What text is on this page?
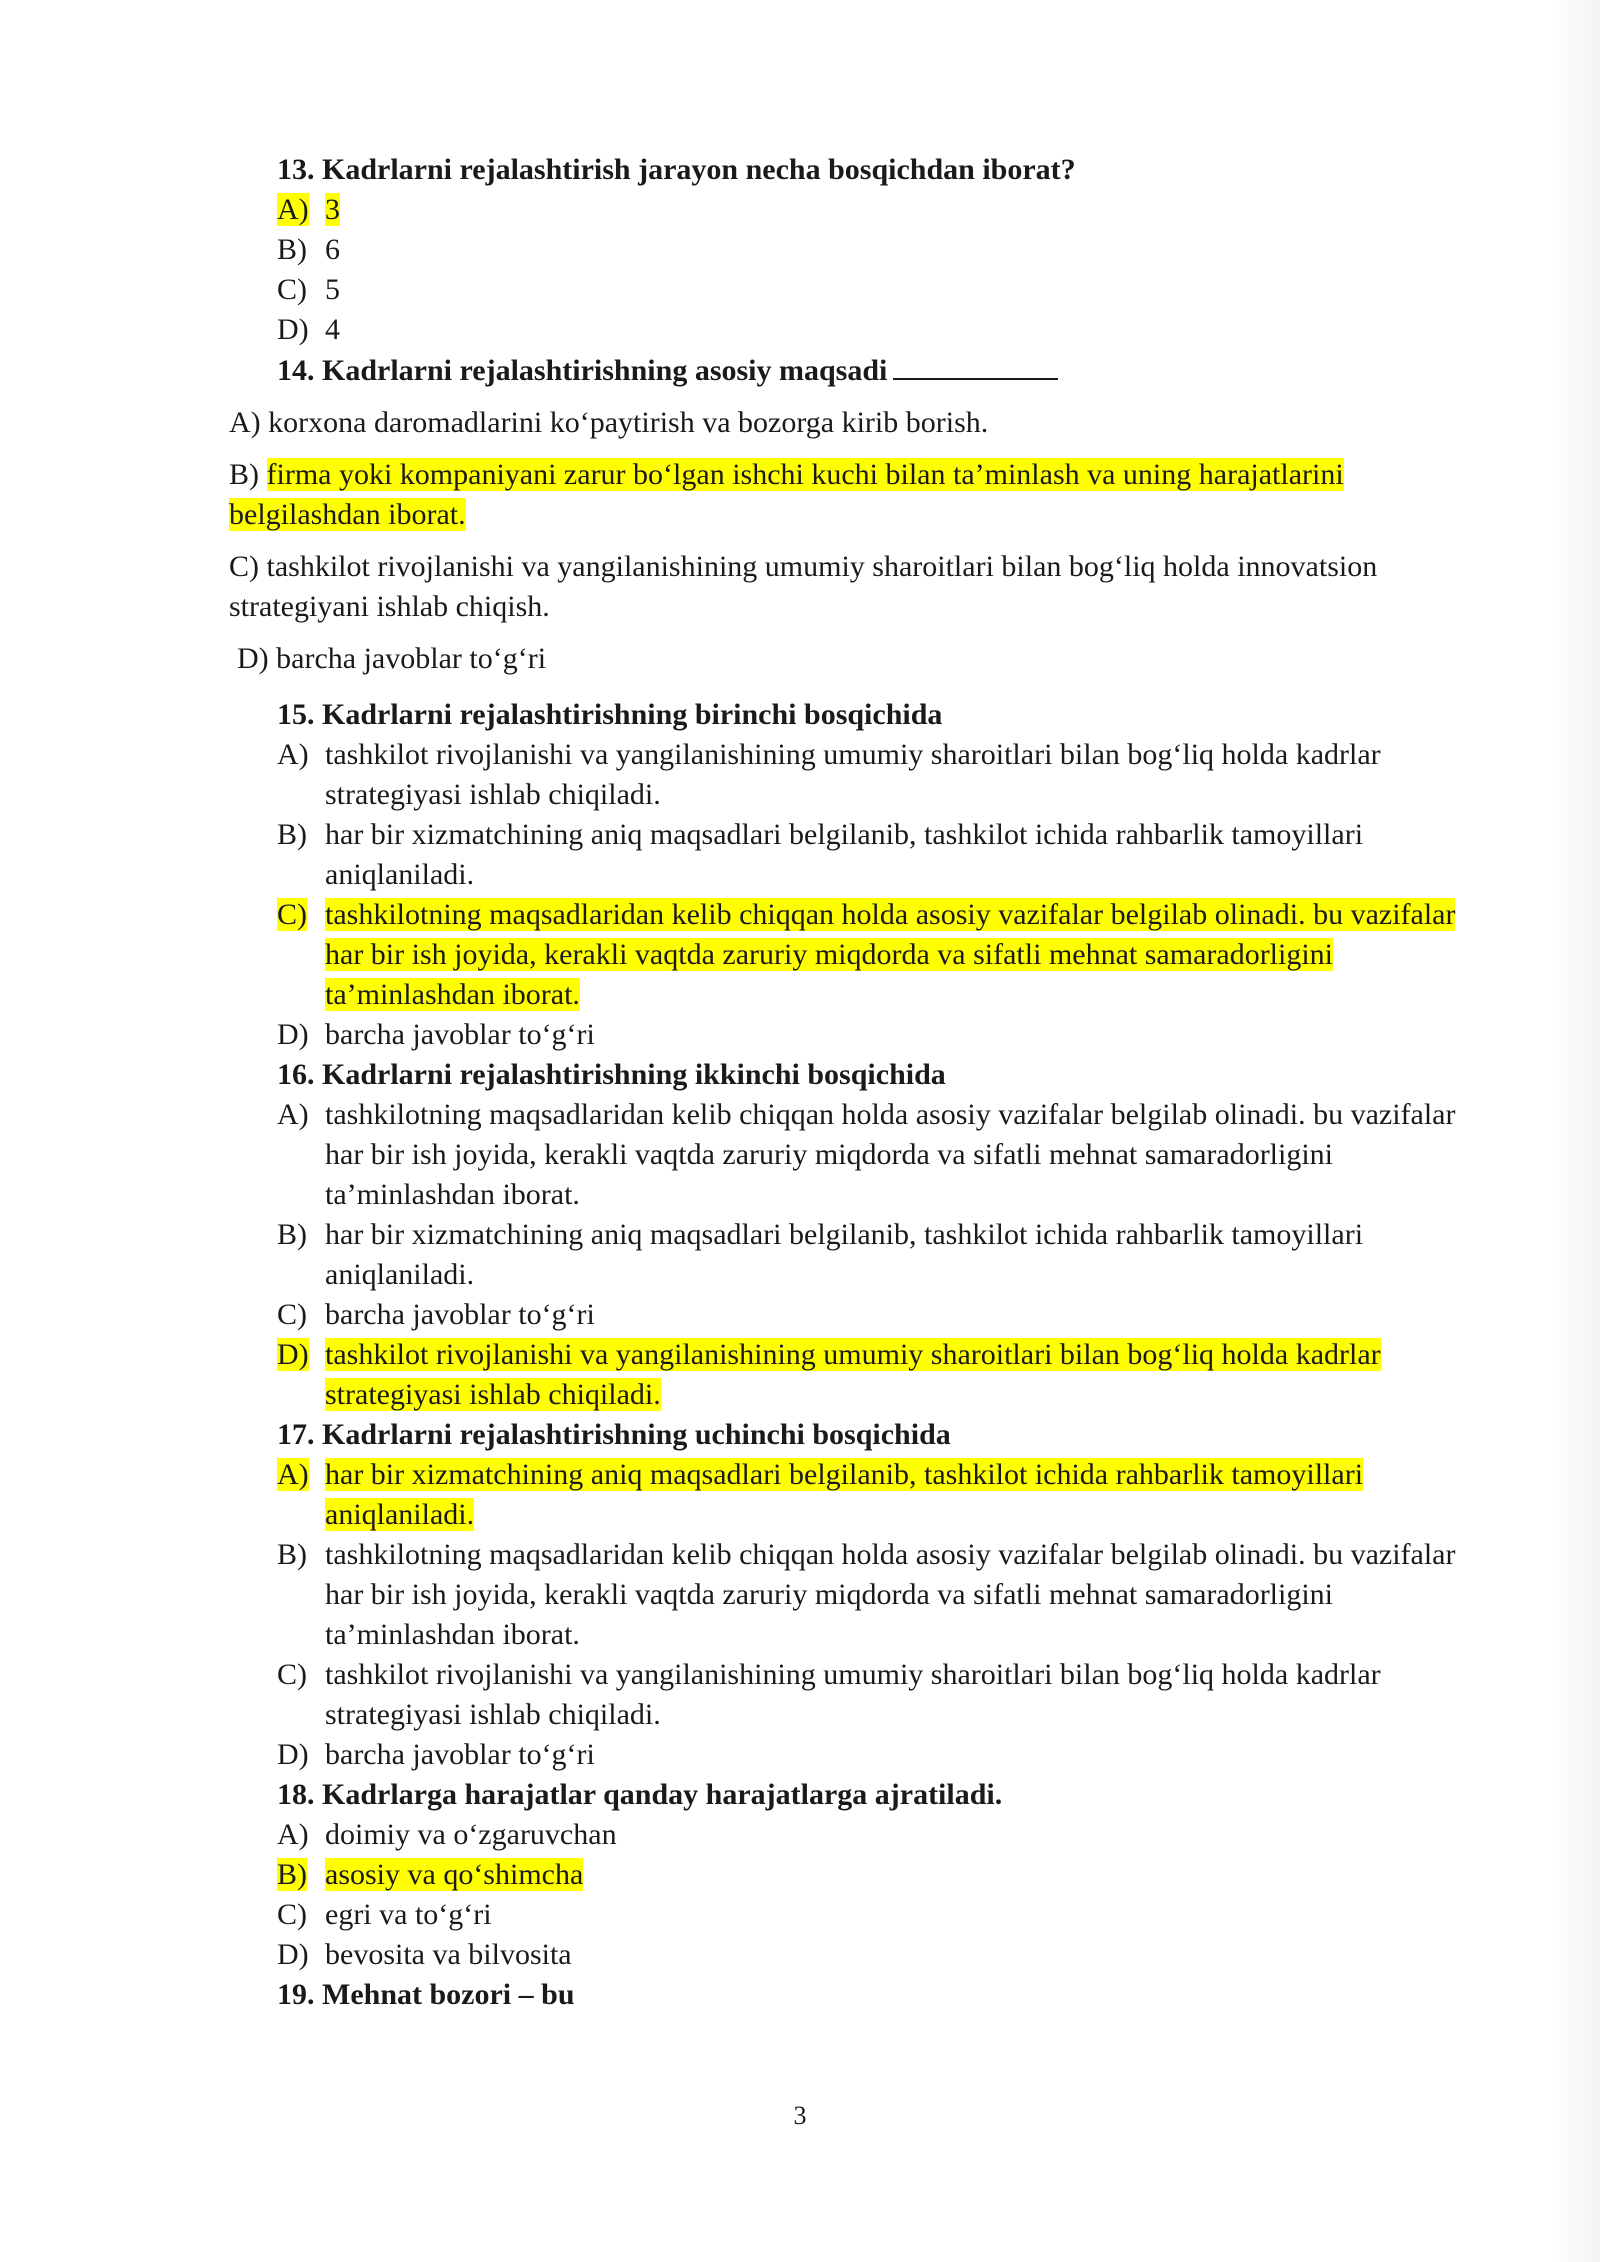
13. Kadrlarni rejalashtirish jarayon necha bosqichdan iborat?
A) 3
B) 6
C) 5
D) 4
14. Kadrlarni rejalashtirishning asosiy maqsadi
A) korxona daromadlarini ko‘paytirish va bozorga kirib borish.
B) firma yoki kompaniyani zarur bo‘lgan ishchi kuchi bilan ta’minlash va uning harajatlarini belgilashdan iborat.
C) tashkilot rivojlanishi va yangilanishining umumiy sharoitlari bilan bog‘liq holda innovatsion strategiyani ishlab chiqish.
D) barcha javoblar to‘g‘ri
15. Kadrlarni rejalashtirishning birinchi bosqichida
A) tashkilot rivojlanishi va yangilanishining umumiy sharoitlari bilan bog‘liq holda kadrlar strategiyasi ishlab chiqiladi.
B) har bir xizmatchining aniq maqsadlari belgilanib, tashkilot ichida rahbarlik tamoyillari aniqlaniladi.
C) tashkilotning maqsadlaridan kelib chiqqan holda asosiy vazifalar belgilab olinadi. bu vazifalar har bir ish joyida, kerakli vaqtda zaruriy miqdorda va sifatli mehnat samaradorligini ta’minlashdan iborat.
D) barcha javoblar to‘g‘ri
16. Kadrlarni rejalashtirishning ikkinchi bosqichida
A) tashkilotning maqsadlaridan kelib chiqqan holda asosiy vazifalar belgilab olinadi. bu vazifalar har bir ish joyida, kerakli vaqtda zaruriy miqdorda va sifatli mehnat samaradorligini ta’minlashdan iborat.
B) har bir xizmatchining aniq maqsadlari belgilanib, tashkilot ichida rahbarlik tamoyillari aniqlaniladi.
C) barcha javoblar to‘g‘ri
D) tashkilot rivojlanishi va yangilanishining umumiy sharoitlari bilan bog‘liq holda kadrlar strategiyasi ishlab chiqiladi.
17. Kadrlarni rejalashtirishning uchinchi bosqichida
A) har bir xizmatchining aniq maqsadlari belgilanib, tashkilot ichida rahbarlik tamoyillari aniqlaniladi.
B) tashkilotning maqsadlaridan kelib chiqqan holda asosiy vazifalar belgilab olinadi. bu vazifalar har bir ish joyida, kerakli vaqtda zaruriy miqdorda va sifatli mehnat samaradorligini ta’minlashdan iborat.
C) tashkilot rivojlanishi va yangilanishining umumiy sharoitlari bilan bog‘liq holda kadrlar strategiyasi ishlab chiqiladi.
D) barcha javoblar to‘g‘ri
18. Kadrlarga harajatlar qanday harajatlarga ajratiladi.
A) doimiy va o‘zgaruvchan
B) asosiy va qo‘shimcha
C) egri va to‘g‘ri
D) bevosita va bilvosita
19. Mehnat bozori – bu
3
